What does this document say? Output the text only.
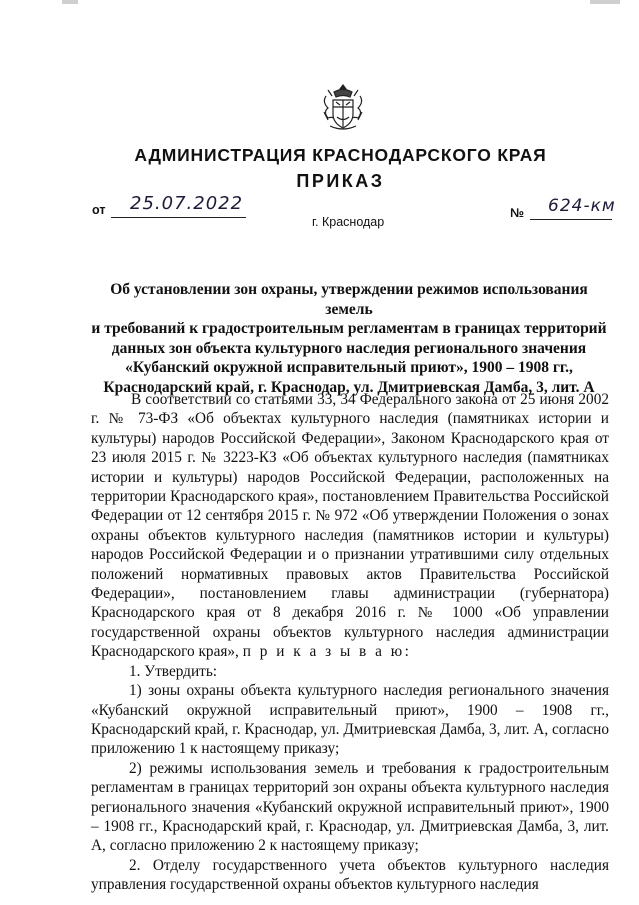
АДМИНИСТРАЦИЯ КРАСНОДАРСКОГО КРАЯ
ПРИКАЗ
от 25.07.2022
г. Краснодар
№ 624-км
Об установлении зон охраны, утверждении режимов использования земель
и требований к градостроительным регламентам в границах территорий
данных зон объекта культурного наследия регионального значения
«Кубанский окружной исправительный приют», 1900 – 1908 гг.,
Краснодарский край, г. Краснодар, ул. Дмитриевская Дамба, 3, лит. А

В соответствии со статьями 33, 34 Федерального закона от 25 июня 2002 г. № 73-ФЗ «Об объектах культурного наследия (памятниках истории и культуры) народов Российской Федерации», Законом Краснодарского края от 23 июля 2015 г. № 3223-КЗ «Об объектах культурного наследия (памятниках истории и культуры) народов Российской Федерации, расположенных на территории Краснодарского края», постановлением Правительства Российской Федерации от 12 сентября 2015 г. № 972 «Об утверждении Положения о зонах охраны объектов культурного наследия (памятников истории и культуры) народов Российской Федерации и о признании утратившими силу отдельных положений нормативных правовых актов Правительства Российской Федерации», постановлением главы администрации (губернатора) Краснодарского края от 8 декабря 2016 г. № 1000 «Об управлении государственной охраны объектов культурного наследия администрации Краснодарского края», п р и к а з ы в а ю:

1. Утвердить:

1) зоны охраны объекта культурного наследия регионального значения «Кубанский окружной исправительный приют», 1900 – 1908 гг., Краснодарский край, г. Краснодар, ул. Дмитриевская Дамба, 3, лит. А, согласно приложению 1 к настоящему приказу;

2) режимы использования земель и требования к градостроительным регламентам в границах территорий зон охраны объекта культурного наследия регионального значения «Кубанский окружной исправительный приют», 1900 – 1908 гг., Краснодарский край, г. Краснодар, ул. Дмитриевская Дамба, 3, лит. А, согласно приложению 2 к настоящему приказу;

2. Отделу государственного учета объектов культурного наследия управления государственной охраны объектов культурного наследия
